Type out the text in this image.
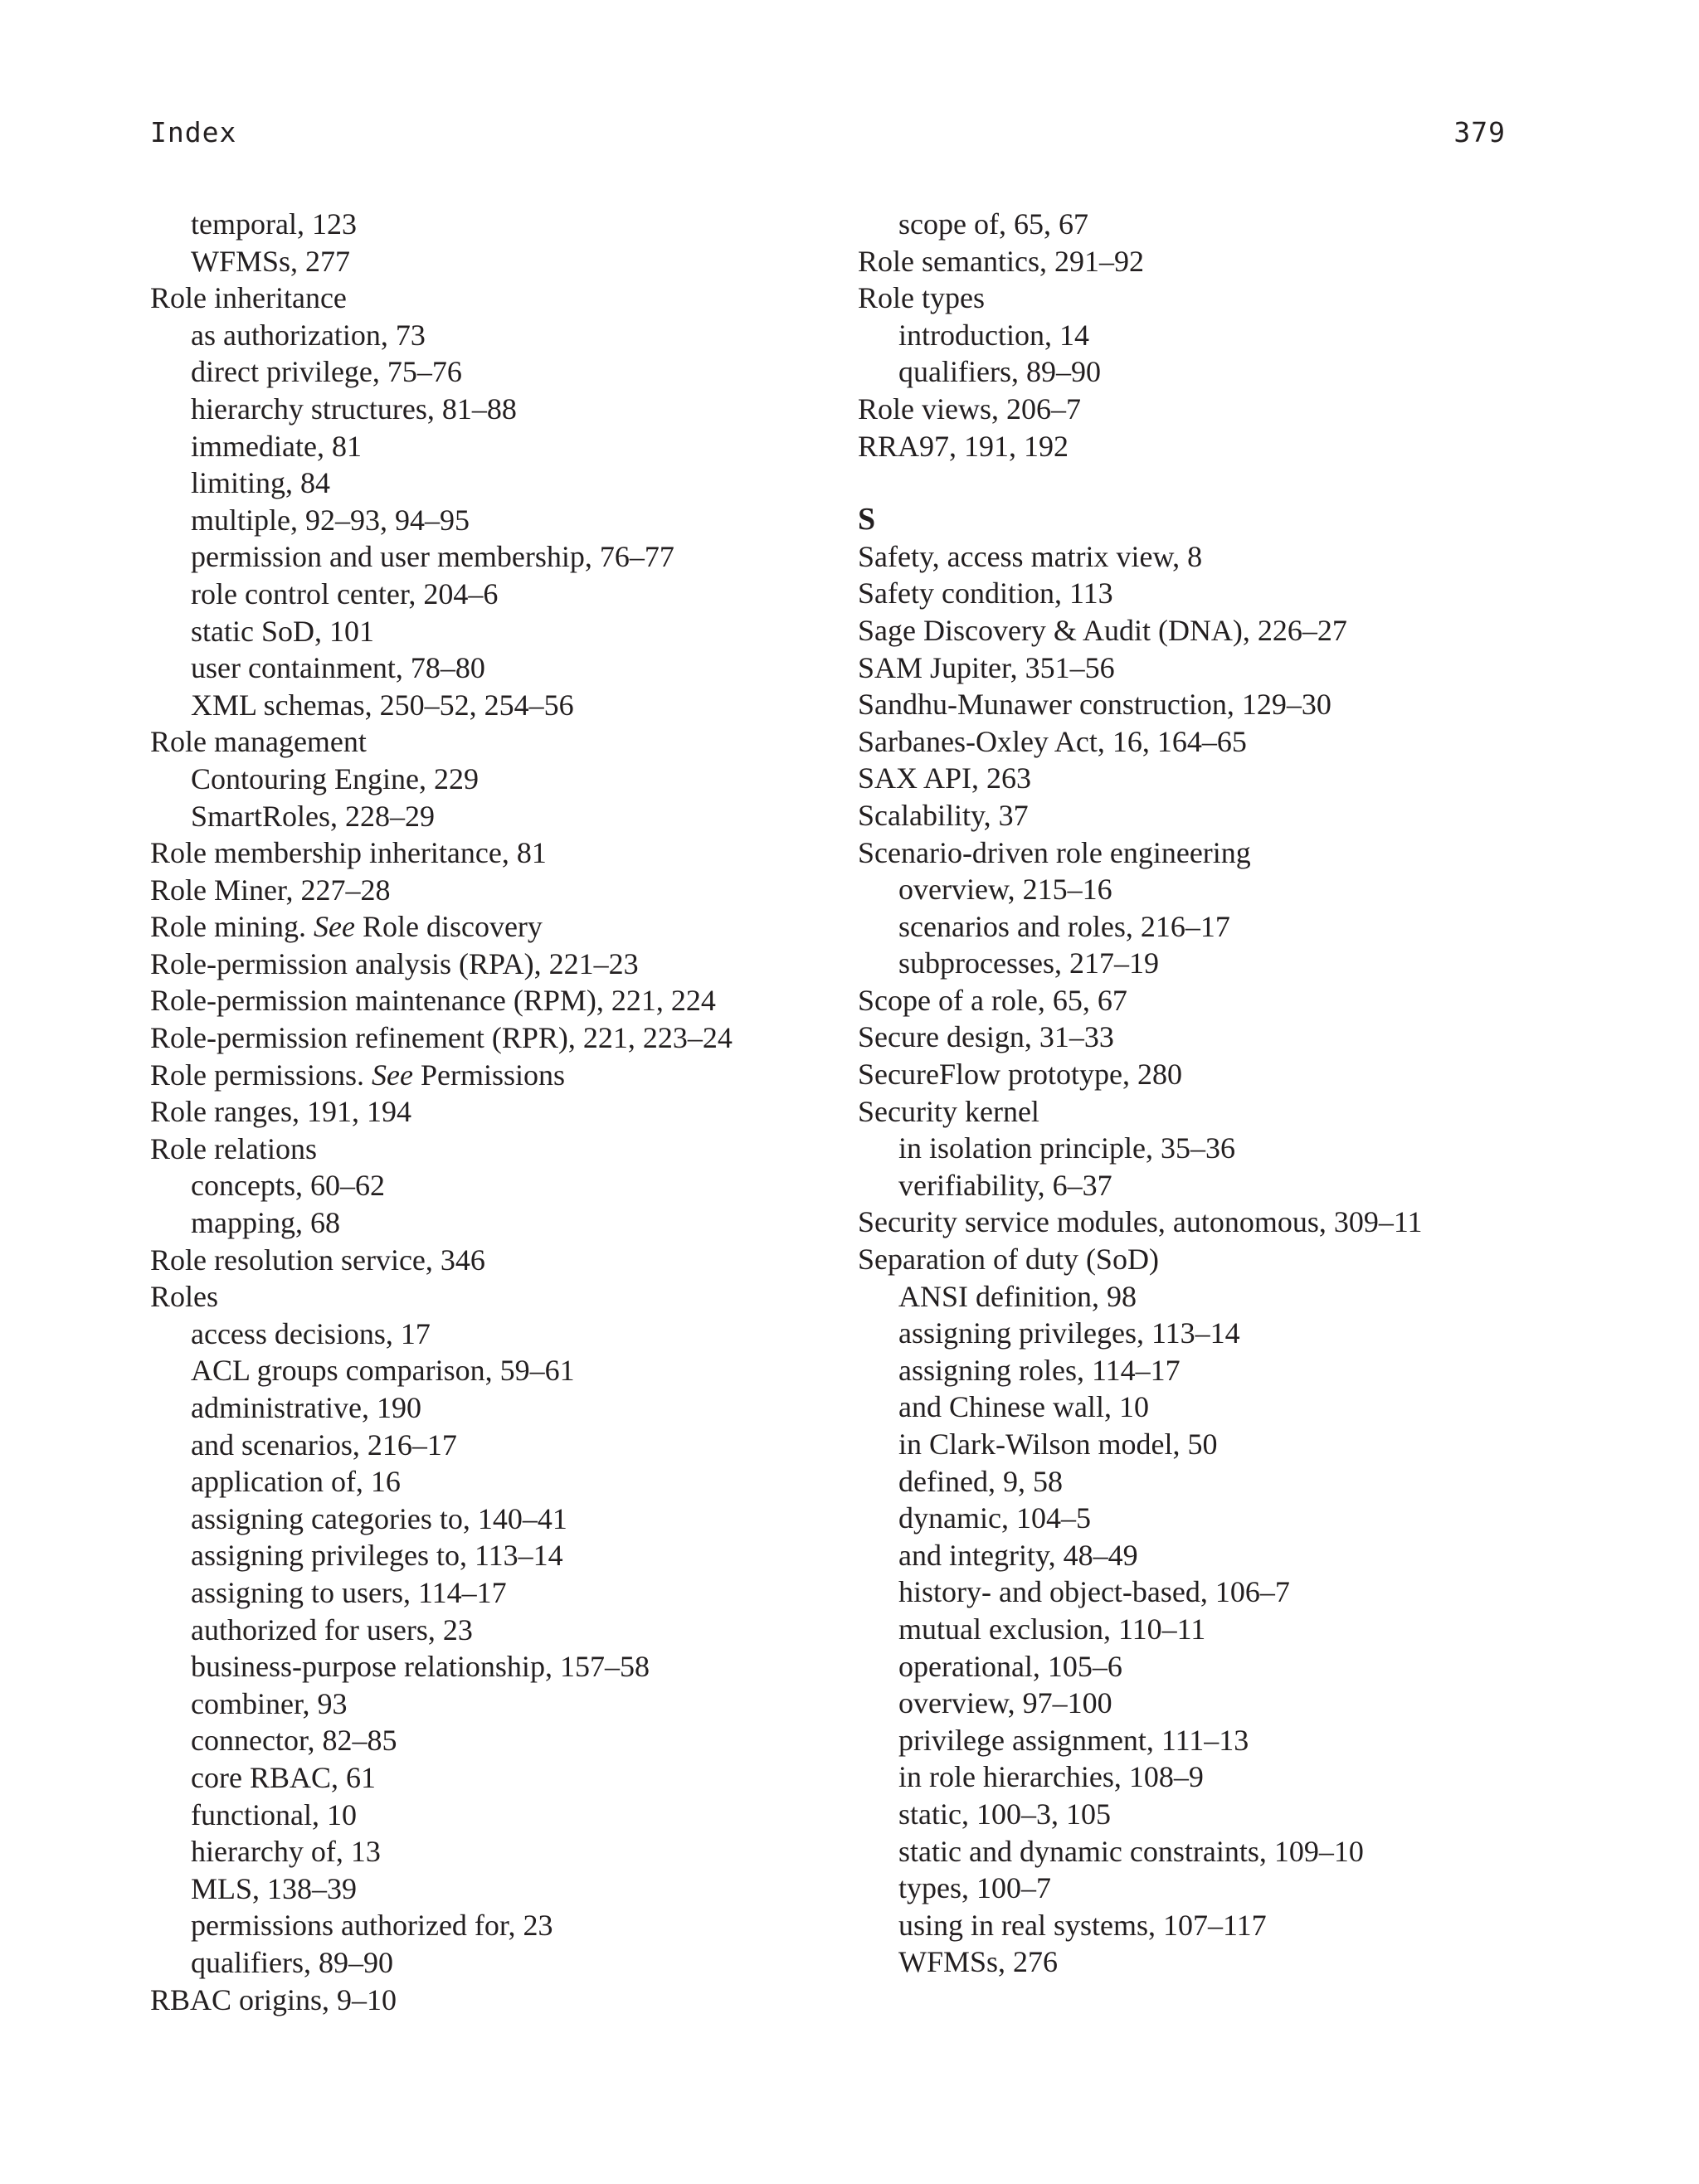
Index	379
temporal, 123
WFMSs, 277
Role inheritance
as authorization, 73
direct privilege, 75–76
hierarchy structures, 81–88
immediate, 81
limiting, 84
multiple, 92–93, 94–95
permission and user membership, 76–77
role control center, 204–6
static SoD, 101
user containment, 78–80
XML schemas, 250–52, 254–56
Role management
Contouring Engine, 229
SmartRoles, 228–29
Role membership inheritance, 81
Role Miner, 227–28
Role mining. See Role discovery
Role-permission analysis (RPA), 221–23
Role-permission maintenance (RPM), 221, 224
Role-permission refinement (RPR), 221, 223–24
Role permissions. See Permissions
Role ranges, 191, 194
Role relations
concepts, 60–62
mapping, 68
Role resolution service, 346
Roles
access decisions, 17
ACL groups comparison, 59–61
administrative, 190
and scenarios, 216–17
application of, 16
assigning categories to, 140–41
assigning privileges to, 113–14
assigning to users, 114–17
authorized for users, 23
business-purpose relationship, 157–58
combiner, 93
connector, 82–85
core RBAC, 61
functional, 10
hierarchy of, 13
MLS, 138–39
permissions authorized for, 23
qualifiers, 89–90
RBAC origins, 9–10
scope of, 65, 67
Role semantics, 291–92
Role types
introduction, 14
qualifiers, 89–90
Role views, 206–7
RRA97, 191, 192
S
Safety, access matrix view, 8
Safety condition, 113
Sage Discovery & Audit (DNA), 226–27
SAM Jupiter, 351–56
Sandhu-Munawer construction, 129–30
Sarbanes-Oxley Act, 16, 164–65
SAX API, 263
Scalability, 37
Scenario-driven role engineering
overview, 215–16
scenarios and roles, 216–17
subprocesses, 217–19
Scope of a role, 65, 67
Secure design, 31–33
SecureFlow prototype, 280
Security kernel
in isolation principle, 35–36
verifiability, 6–37
Security service modules, autonomous, 309–11
Separation of duty (SoD)
ANSI definition, 98
assigning privileges, 113–14
assigning roles, 114–17
and Chinese wall, 10
in Clark-Wilson model, 50
defined, 9, 58
dynamic, 104–5
and integrity, 48–49
history- and object-based, 106–7
mutual exclusion, 110–11
operational, 105–6
overview, 97–100
privilege assignment, 111–13
in role hierarchies, 108–9
static, 100–3, 105
static and dynamic constraints, 109–10
types, 100–7
using in real systems, 107–117
WFMSs, 276
